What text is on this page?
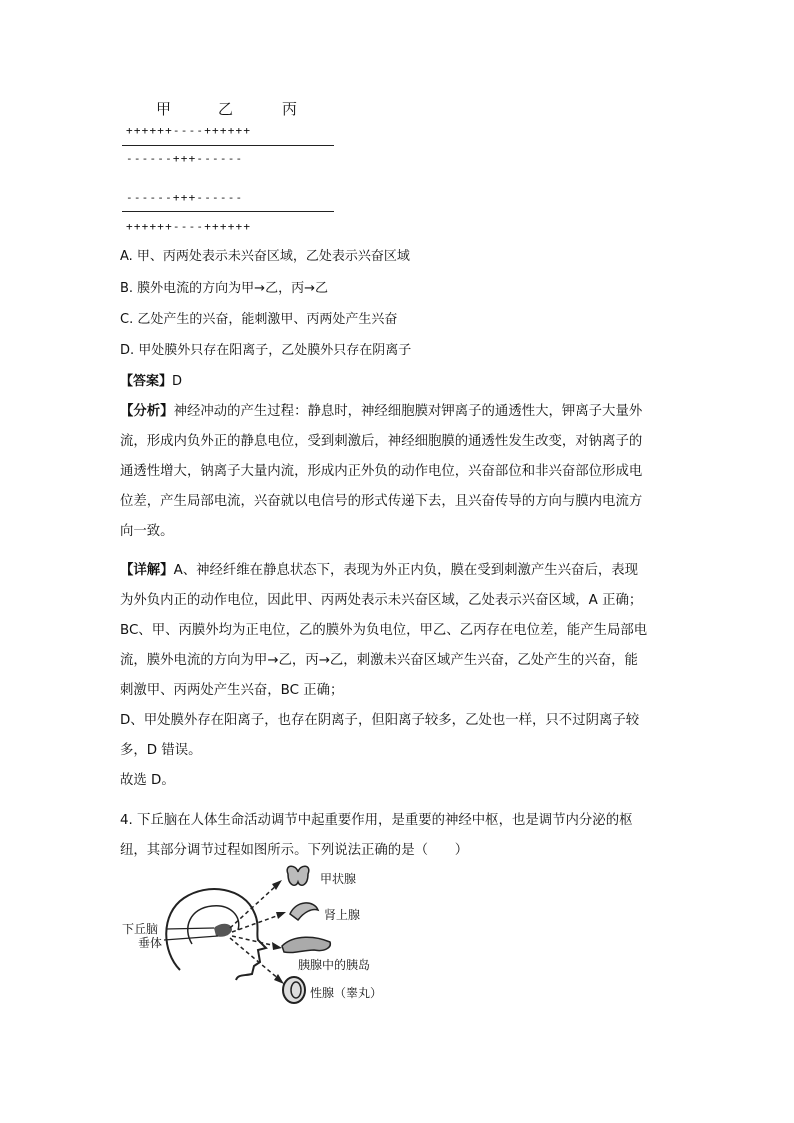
甲	乙	丙
++++++----++++++
------+++------
------+++------
++++++----++++++
A. 甲、丙两处表示未兴奋区域，乙处表示兴奋区域
B. 膜外电流的方向为甲→乙，丙→乙
C. 乙处产生的兴奋，能刺激甲、丙两处产生兴奋
D. 甲处膜外只存在阳离子，乙处膜外只存在阴离子
【答案】D

【分析】神经冲动的产生过程：静息时，神经细胞膜对钾离子的通透性大，钾离子大量外

流，形成内负外正的静息电位，受到刺激后，神经细胞膜的通透性发生改变，对钠离子的

通透性增大，钠离子大量内流，形成内正外负的动作电位，兴奋部位和非兴奋部位形成电

位差，产生局部电流，兴奋就以电信号的形式传递下去，且兴奋传导的方向与膜内电流方

向一致。

【详解】A、神经纤维在静息状态下，表现为外正内负，膜在受到刺激产生兴奋后，表现

为外负内正的动作电位，因此甲、丙两处表示未兴奋区域，乙处表示兴奋区域，A 正确；

BC、甲、丙膜外均为正电位，乙的膜外为负电位，甲乙、乙丙存在电位差，能产生局部电

流，膜外电流的方向为甲→乙，丙→乙，刺激未兴奋区域产生兴奋，乙处产生的兴奋，能

刺激甲、丙两处产生兴奋，BC 正确；

D、甲处膜外存在阳离子，也存在阴离子，但阳离子较多，乙处也一样，只不过阴离子较

多，D 错误。

故选 D。

4. 下丘脑在人体生命活动调节中起重要作用，是重要的神经中枢，也是调节内分泌的枢

纽，其部分调节过程如图所示。下列说法正确的是（　　）

下丘脑
垂体
甲状腺
肾上腺
胰腺中的胰岛
性腺（睾丸）
